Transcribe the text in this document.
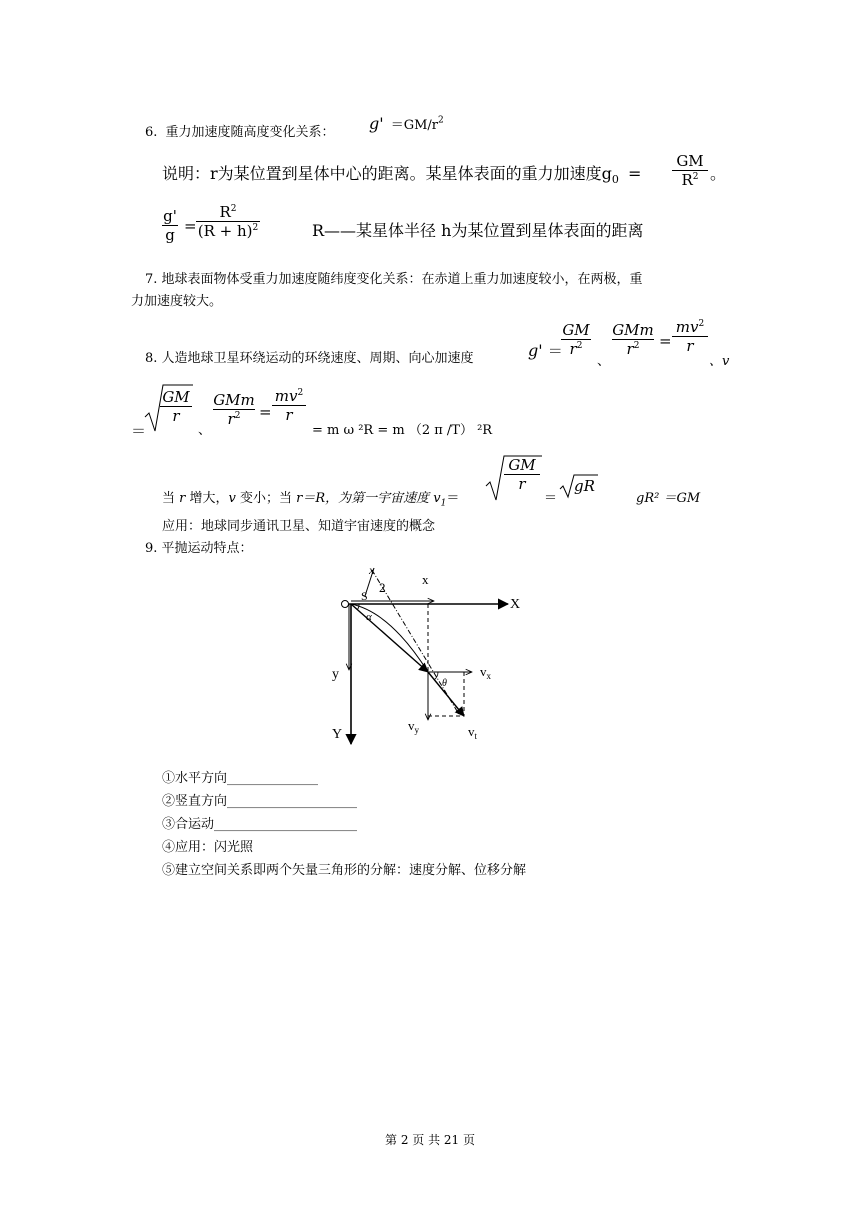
6. 重力加速度随高度变化关系： $g' =GM/r^2$
说明：r为某位置到星体中心的距离。某星体表面的重力加速度$g_0$ =
GM
$R^2$ 。
g'
g =
$R^2$
$(R + h)^2$	R——某星体半径 h为某位置到星体表面的距离
7. 地球表面物体受重力加速度随纬度变化关系：在赤道上重力加速度较小，在两极，重
力加速度较大。
8. 人造地球卫星环绕运动的环绕速度、周期、向心加速度	g' ＝
GM
$r^2$
、
GMm
$r^2$	=
$mv^2$
r
、v
＝
GM
r
、
GMm
$r^2$	=
$mv^2$
r
= m ω ²R = m （2 π /T） ²R
当 r 增大，v 变小；当 r＝R，为第一宇宙速度 $v_1=$
GM
r
＝
gR
gR² ＝GM
应用：地球同步通讯卫星、知道宇宙速度的概念
9. 平抛运动特点：
x
2
x
X
S
α
y
Y
θ
$v_x$
$v_y$	$v_t$
①水平方向______________
②竖直方向____________________
③合运动______________________
④应用：闪光照
⑤建立空间关系即两个矢量三角形的分解：速度分解、位移分解
第 2 页 共 21 页
